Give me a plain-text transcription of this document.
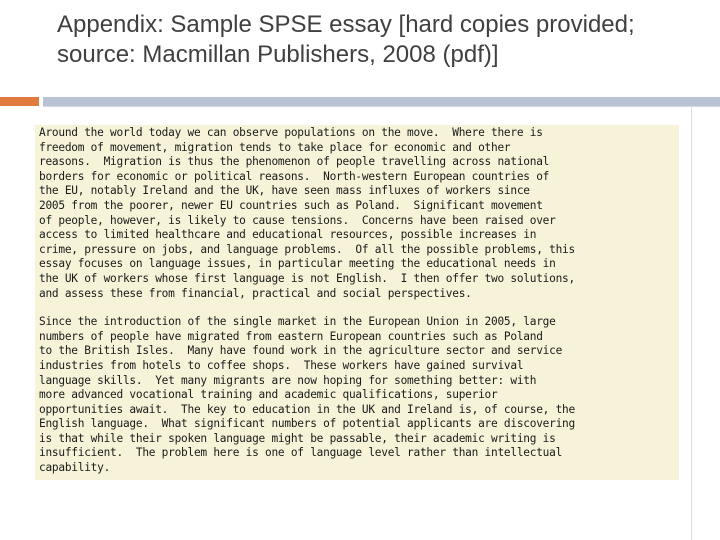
Appendix: Sample SPSE essay [hard copies provided; source: Macmillan Publishers, 2008 (pdf)]

Around the world today we can observe populations on the move.  Where there is
freedom of movement, migration tends to take place for economic and other
reasons.  Migration is thus the phenomenon of people travelling across national
borders for economic or political reasons.  North-western European countries of
the EU, notably Ireland and the UK, have seen mass influxes of workers since
2005 from the poorer, newer EU countries such as Poland.  Significant movement
of people, however, is likely to cause tensions.  Concerns have been raised over
access to limited healthcare and educational resources, possible increases in
crime, pressure on jobs, and language problems.  Of all the possible problems, this
essay focuses on language issues, in particular meeting the educational needs in
the UK of workers whose first language is not English.  I then offer two solutions,
and assess these from financial, practical and social perspectives.

Since the introduction of the single market in the European Union in 2005, large
numbers of people have migrated from eastern European countries such as Poland
to the British Isles.  Many have found work in the agriculture sector and service
industries from hotels to coffee shops.  These workers have gained survival
language skills.  Yet many migrants are now hoping for something better: with
more advanced vocational training and academic qualifications, superior
opportunities await.  The key to education in the UK and Ireland is, of course, the
English language.  What significant numbers of potential applicants are discovering
is that while their spoken language might be passable, their academic writing is
insufficient.  The problem here is one of language level rather than intellectual
capability.
